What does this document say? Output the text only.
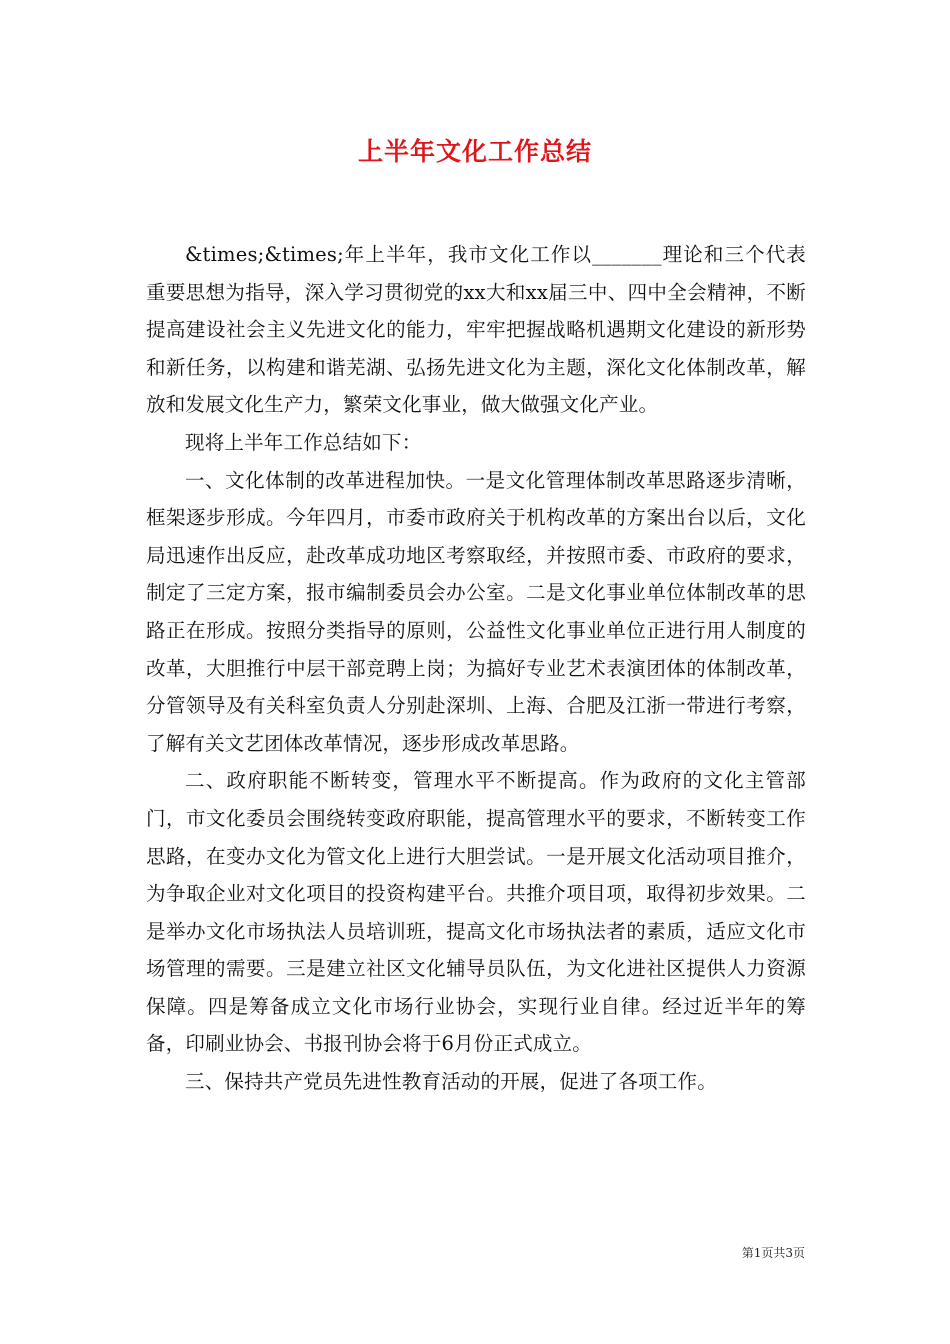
上半年文化工作总结

&times;&times;年上半年，我市文化工作以_______理论和三个代表重要思想为指导，深入学习贯彻党的xx大和xx届三中、四中全会精神，不断提高建设社会主义先进文化的能力，牢牢把握战略机遇期文化建设的新形势和新任务，以构建和谐芜湖、弘扬先进文化为主题，深化文化体制改革，解放和发展文化生产力，繁荣文化事业，做大做强文化产业。

现将上半年工作总结如下：

一、文化体制的改革进程加快。一是文化管理体制改革思路逐步清晰，框架逐步形成。今年四月，市委市政府关于机构改革的方案出台以后，文化局迅速作出反应，赴改革成功地区考察取经，并按照市委、市政府的要求，制定了三定方案，报市编制委员会办公室。二是文化事业单位体制改革的思路正在形成。按照分类指导的原则，公益性文化事业单位正进行用人制度的改革，大胆推行中层干部竞聘上岗；为搞好专业艺术表演团体的体制改革，分管领导及有关科室负责人分别赴深圳、上海、合肥及江浙一带进行考察，了解有关文艺团体改革情况，逐步形成改革思路。

二、政府职能不断转变，管理水平不断提高。作为政府的文化主管部门，市文化委员会围绕转变政府职能，提高管理水平的要求，不断转变工作思路，在变办文化为管文化上进行大胆尝试。一是开展文化活动项目推介，为争取企业对文化项目的投资构建平台。共推介项目项，取得初步效果。二是举办文化市场执法人员培训班，提高文化市场执法者的素质，适应文化市场管理的需要。三是建立社区文化辅导员队伍，为文化进社区提供人力资源保障。四是筹备成立文化市场行业协会，实现行业自律。经过近半年的筹备，印刷业协会、书报刊协会将于6月份正式成立。

三、保持共产党员先进性教育活动的开展，促进了各项工作。

第1页共3页
